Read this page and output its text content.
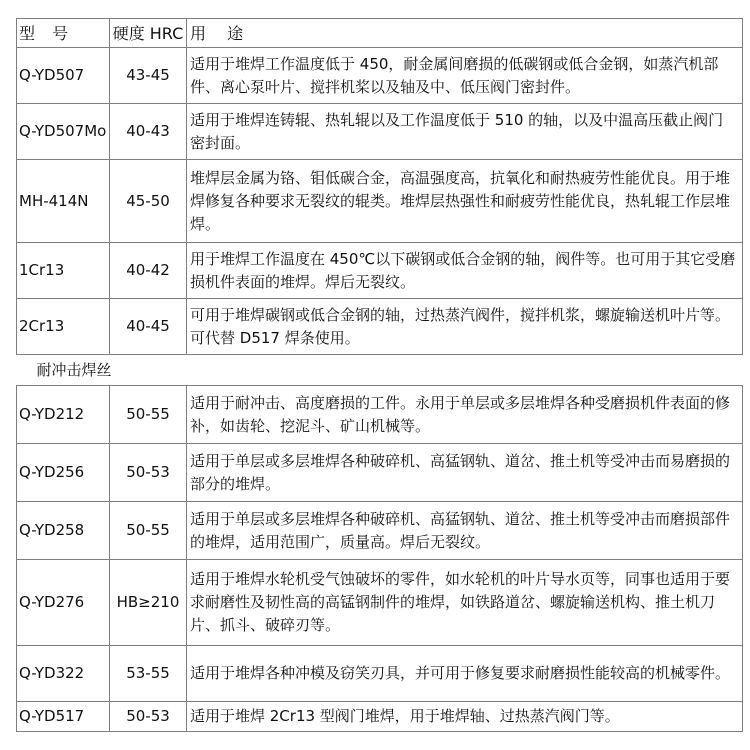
型 号	硬度 HRC	用 途
Q-YD507	43-45	适用于堆焊工作温度低于 450，耐金属间磨损的低碳钢或低合金钢，如蒸汽机部件、离心泵叶片、搅拌机桨以及轴及中、低压阀门密封件。
Q-YD507Mo	40-43	适用于堆焊连铸辊、热轧辊以及工作温度低于 510 的轴，以及中温高压截止阀门密封面。
MH-414N	45-50	堆焊层金属为铬、钼低碳合金，高温强度高，抗氧化和耐热疲劳性能优良。用于堆焊修复各种要求无裂纹的辊类。堆焊层热强性和耐疲劳性能优良，热轧辊工作层堆焊。
1Cr13	40-42	用于堆焊工作温度在 450℃以下碳钢或低合金钢的轴，阀件等。也可用于其它受磨损机件表面的堆焊。焊后无裂纹。
2Cr13	40-45	可用于堆焊碳钢或低合金钢的轴，过热蒸汽阀件，搅拌机浆，螺旋输送机叶片等。可代替 D517 焊条使用。
耐冲击焊丝		
Q-YD212	50-55	适用于耐冲击、高度磨损的工件。永用于单层或多层堆焊各种受磨损机件表面的修补，如齿轮、挖泥斗、矿山机械等。
Q-YD256	50-53	适用于单层或多层堆焊各种破碎机、高猛钢轨、道岔、推土机等受冲击而易磨损的部分的堆焊。
Q-YD258	50-55	适用于单层或多层堆焊各种破碎机、高猛钢轨、道岔、推土机等受冲击而磨损部件的堆焊，适用范围广，质量高。焊后无裂纹。
Q-YD276	HB≥210	适用于堆焊水轮机受气蚀破坏的零件，如水轮机的叶片导水页等，同事也适用于要求耐磨性及韧性高的高锰钢制件的堆焊，如铁路道岔、螺旋输送机构、推土机刀片、抓斗、破碎刃等。
Q-YD322	53-55	适用于堆焊各种冲模及窃笑刃具，并可用于修复要求耐磨损性能较高的机械零件。
Q-YD517	50-53	适用于堆焊 2Cr13 型阀门堆焊，用于堆焊轴、过热蒸汽阀门等。
